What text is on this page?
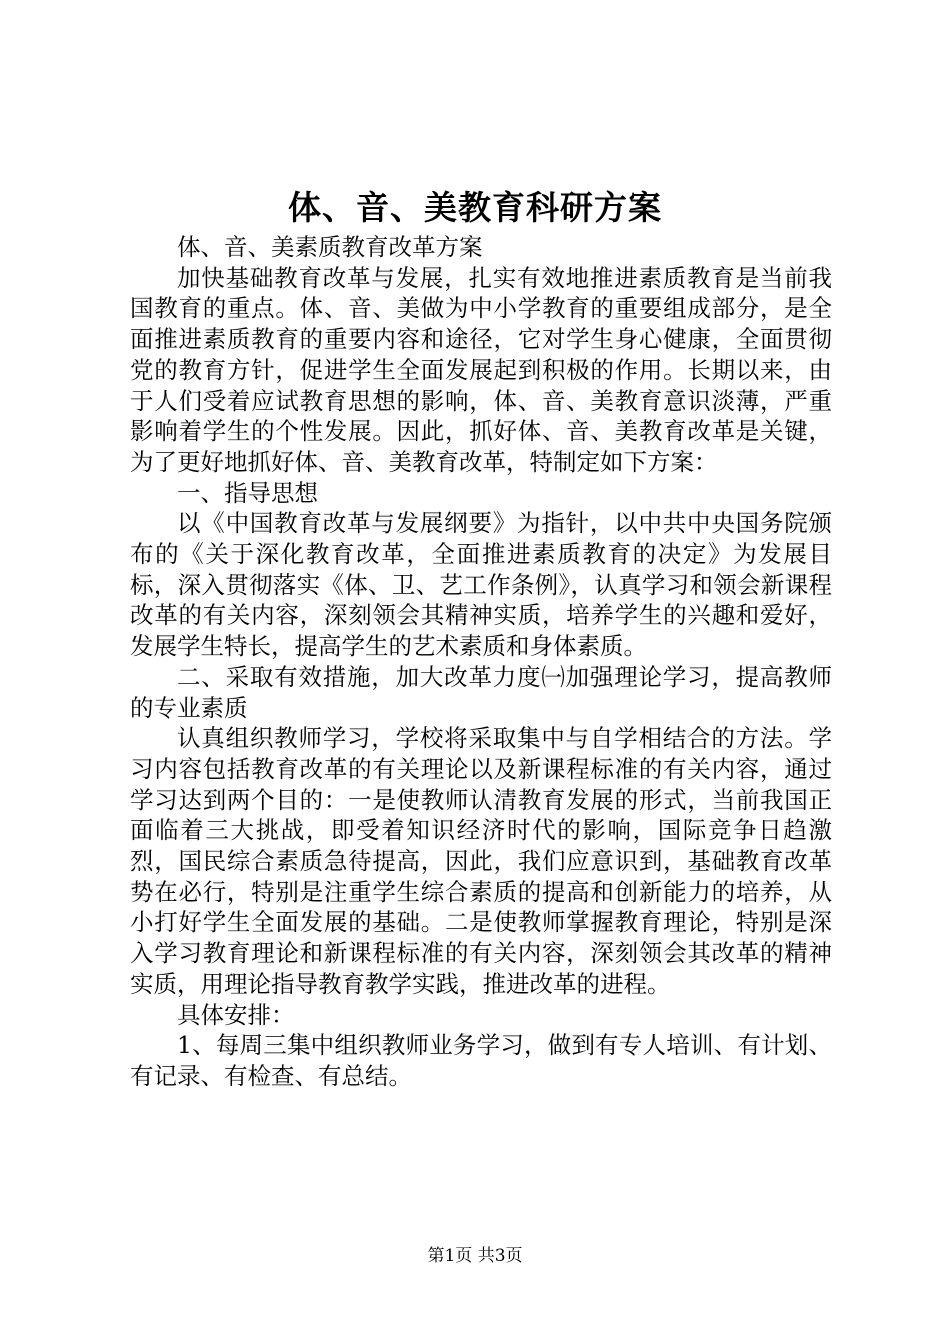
体、音、美教育科研方案

体、音、美素质教育改革方案

加快基础教育改革与发展，扎实有效地推进素质教育是当前我国教育的重点。体、音、美做为中小学教育的重要组成部分，是全面推进素质教育的重要内容和途径，它对学生身心健康，全面贯彻党的教育方针，促进学生全面发展起到积极的作用。长期以来，由于人们受着应试教育思想的影响，体、音、美教育意识淡薄，严重影响着学生的个性发展。因此，抓好体、音、美教育改革是关键，为了更好地抓好体、音、美教育改革，特制定如下方案：

一、指导思想

以《中国教育改革与发展纲要》为指针，以中共中央国务院颁布的《关于深化教育改革，全面推进素质教育的决定》为发展目标，深入贯彻落实《体、卫、艺工作条例》，认真学习和领会新课程改革的有关内容，深刻领会其精神实质，培养学生的兴趣和爱好，发展学生特长，提高学生的艺术素质和身体素质。

二、采取有效措施，加大改革力度㈠加强理论学习，提高教师的专业素质

认真组织教师学习，学校将采取集中与自学相结合的方法。学习内容包括教育改革的有关理论以及新课程标准的有关内容，通过学习达到两个目的：一是使教师认清教育发展的形式，当前我国正面临着三大挑战，即受着知识经济时代的影响，国际竞争日趋激烈，国民综合素质急待提高，因此，我们应意识到，基础教育改革势在必行，特别是注重学生综合素质的提高和创新能力的培养，从小打好学生全面发展的基础。二是使教师掌握教育理论，特别是深入学习教育理论和新课程标准的有关内容，深刻领会其改革的精神实质，用理论指导教育教学实践，推进改革的进程。

具体安排：

1、每周三集中组织教师业务学习，做到有专人培训、有计划、有记录、有检查、有总结。

第1页 共3页
